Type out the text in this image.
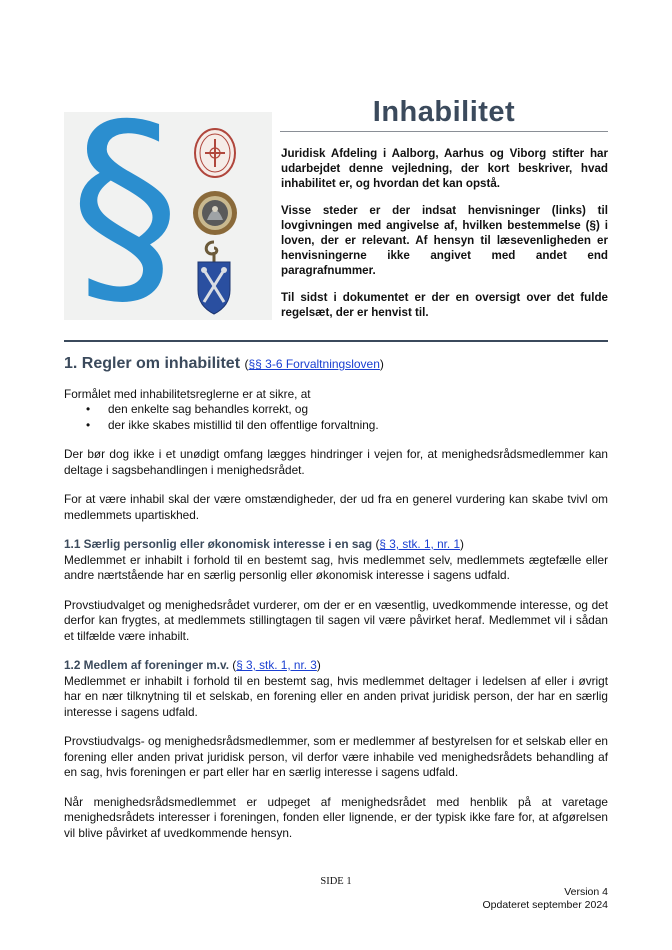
Inhabilitet
§	Juridisk Afdeling i Aalborg, Aarhus og Viborg stifter har udarbejdet denne vejledning, der kort beskriver, hvad inhabilitet er, og hvordan det kan opstå.

Visse steder er der indsat henvisninger (links) til lovgivningen med angivelse af, hvilken bestemmelse (§) i loven, der er relevant. Af hensyn til læsevenligheden er henvisningerne ikke angivet med andet end paragrafnummer.

Til sidst i dokumentet er der en oversigt over det fulde regelsæt, der er henvist til.

1. Regler om inhabilitet (§§ 3-6 Forvaltningsloven)

Formålet med inhabilitetsreglerne er at sikre, at

• den enkelte sag behandles korrekt, og
• der ikke skabes mistillid til den offentlige forvaltning.

Der bør dog ikke i et unødigt omfang lægges hindringer i vejen for, at menighedsrådsmedlemmer kan deltage i sagsbehandlingen i menighedsrådet.

For at være inhabil skal der være omstændigheder, der ud fra en generel vurdering kan skabe tvivl om medlemmets upartiskhed.

1.1 Særlig personlig eller økonomisk interesse i en sag (§ 3, stk. 1, nr. 1)

Medlemmet er inhabilt i forhold til en bestemt sag, hvis medlemmet selv, medlemmets ægtefælle eller andre nærtstående har en særlig personlig eller økonomisk interesse i sagens udfald.

Provstiudvalget og menighedsrådet vurderer, om der er en væsentlig, uvedkommende interesse, og det derfor kan frygtes, at medlemmets stillingtagen til sagen vil være påvirket heraf. Medlemmet vil i sådan et tilfælde være inhabilt.

1.2 Medlem af foreninger m.v. (§ 3, stk. 1, nr. 3)

Medlemmet er inhabilt i forhold til en bestemt sag, hvis medlemmet deltager i ledelsen af eller i øvrigt har en nær tilknytning til et selskab, en forening eller en anden privat juridisk person, der har en særlig interesse i sagens udfald.

Provstiudvalgs- og menighedsrådsmedlemmer, som er medlemmer af bestyrelsen for et selskab eller en forening eller anden privat juridisk person, vil derfor være inhabile ved menighedsrådets behandling af en sag, hvis foreningen er part eller har en særlig interesse i sagens udfald.

Når menighedsrådsmedlemmet er udpeget af menighedsrådet med henblik på at varetage menighedsrådets interesser i foreningen, fonden eller lignende, er der typisk ikke fare for, at afgørelsen vil blive påvirket af uvedkommende hensyn.

SIDE 1
Version 4
Opdateret september 2024
